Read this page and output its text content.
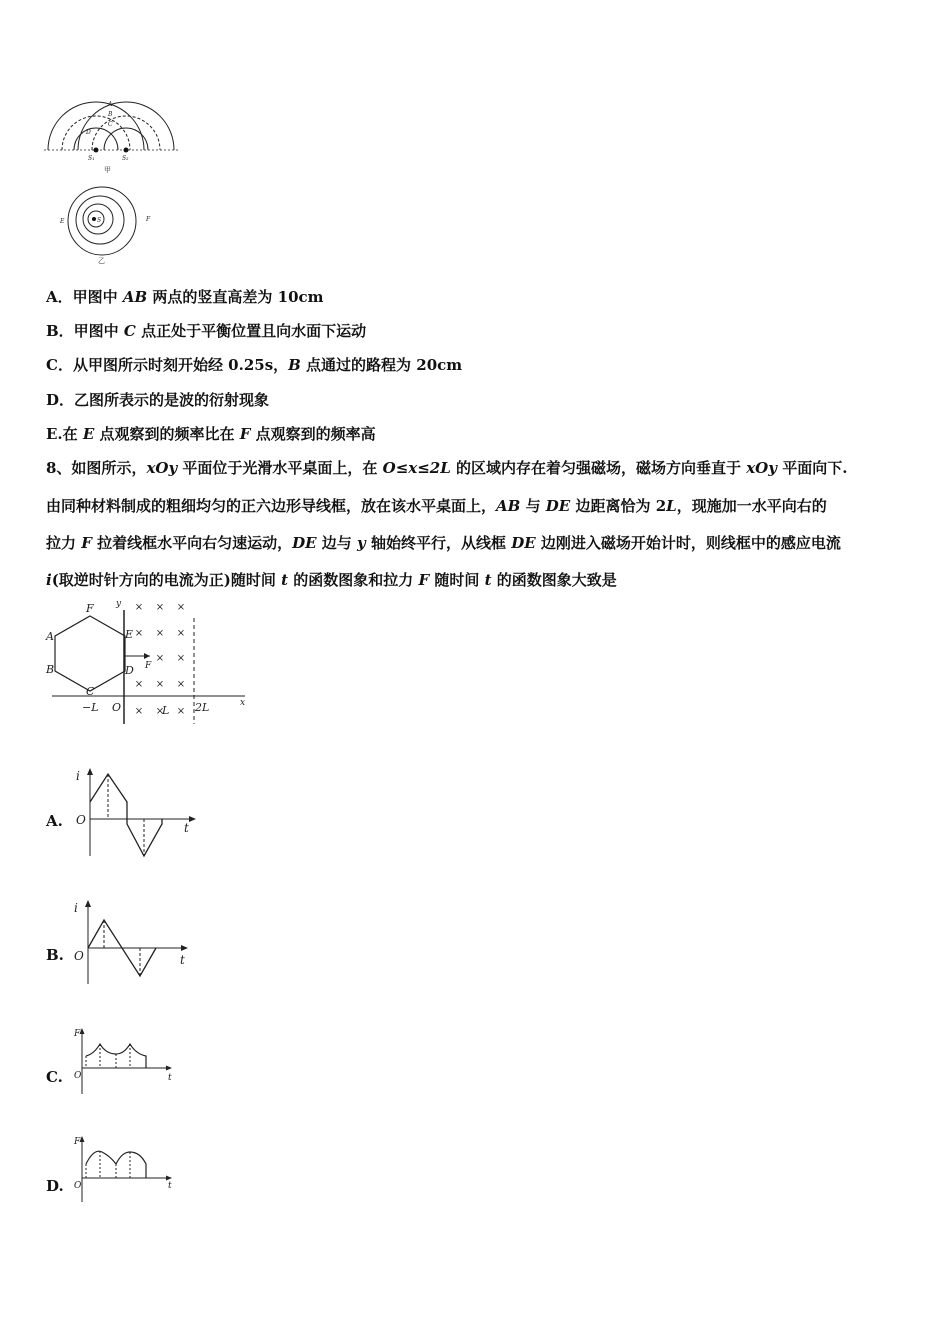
A
B
C
D
S₁	S₂
甲
E	F
S
乙
A．甲图中 AB 两点的竖直高差为 10cm
B．甲图中 C 点正处于平衡位置且向水面下运动
C．从甲图所示时刻开始经 0.25s，B 点通过的路程为 20cm
D．乙图所表示的是波的衍射现象
E.在 E 点观察到的频率比在 F 点观察到的频率高
8、如图所示，xOy 平面位于光滑水平桌面上，在 O≤x≤2L 的区域内存在着匀强磁场，磁场方向垂直于 xOy 平面向下.
由同种材料制成的粗细均匀的正六边形导线框，放在该水平桌面上，AB 与 DE 边距离恰为 2L，现施加一水平向右的
拉力 F 拉着线框水平向右匀速运动，DE 边与 y 轴始终平行，从线框 DE 边刚进入磁场开始计时，则线框中的感应电流
i(取逆时针方向的电流为正)随时间 t 的函数图象和拉力 F 随时间 t 的函数图象大致是
F
A
B
C
D
E
F
y
x
O
−L	L 2L
× × ×
× × ×
× ×
× × ×
× × ×
A.
i
O
t
B.
i
O	t
C.
F
O	t
D.
F
O	t
